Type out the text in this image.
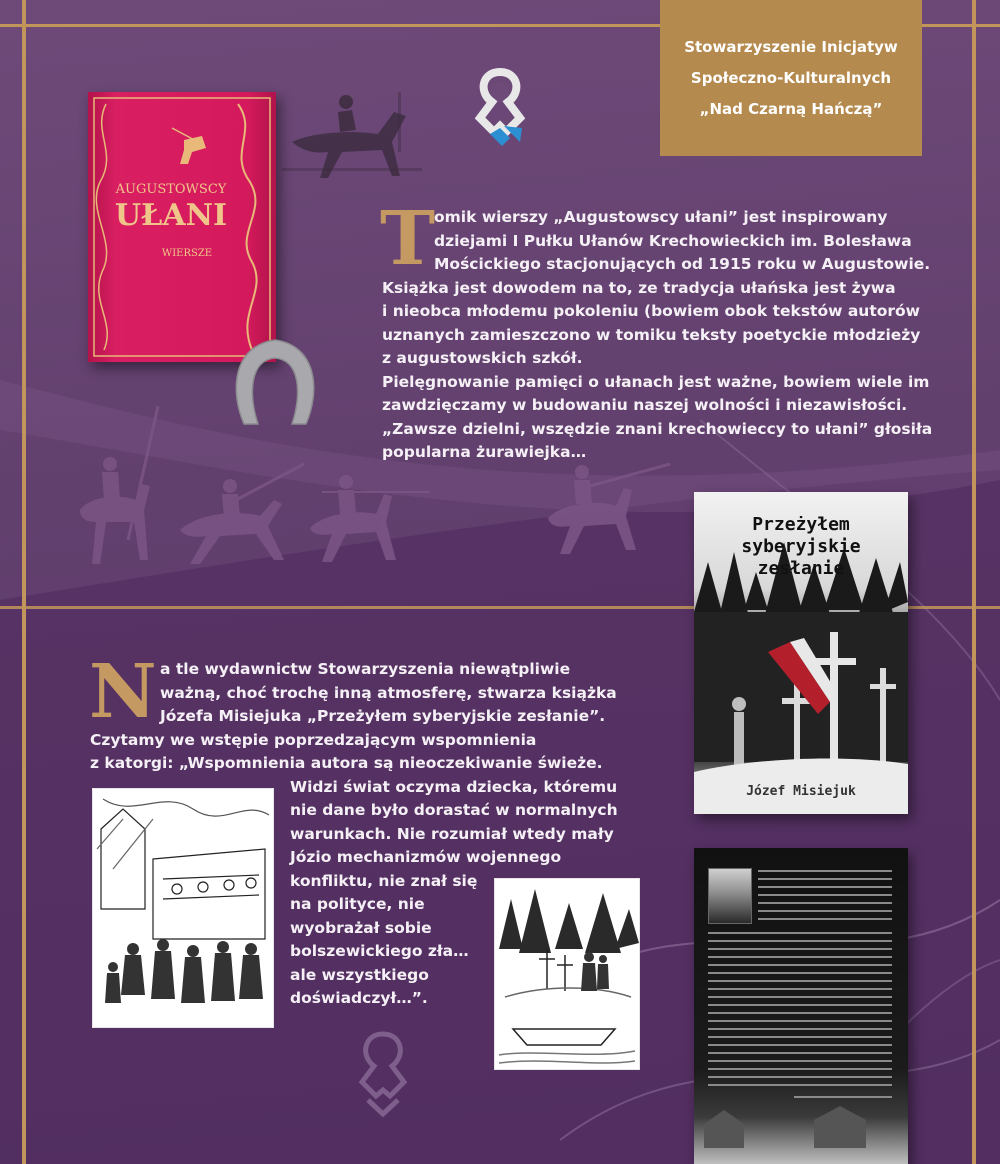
Stowarzyszenie Inicjatyw
Społeczno-Kulturalnych
„Nad Czarną Hańczą”
AUGUSTOWSCY
UŁANI
WIERSZE	T
omik wierszy „Augustowscy ułani” jest inspirowany
dziejami I Pułku Ułanów Krechowieckich im. Bolesława
Mościckiego stacjonujących od 1915 roku w Augustowie.
Książka jest dowodem na to, ze tradycja ułańska jest żywa
i nieobca młodemu pokoleniu (bowiem obok tekstów autorów
uznanych zamieszczono w tomiku teksty poetyckie młodzieży
z augustowskich szkół.
Pielęgnowanie pamięci o ułanach jest ważne, bowiem wiele im
zawdzięczamy w budowaniu naszej wolności i niezawisłości.
„Zawsze dzielni, wszędzie znani krechowieccy to ułani” głosiła
popularna żurawiejka…
Przeżyłem
syberyjskie
zesłanie
Józef Misiejuk
N a tle wydawnictw Stowarzyszenia niewątpliwie
ważną, choć trochę inną atmosferę, stwarza książka
Józefa Misiejuka „Przeżyłem syberyjskie zesłanie”.
Czytamy we wstępie poprzedzającym wspomnienia
z katorgi: „Wspomnienia autora są nieoczekiwanie świeże.
Widzi świat oczyma dziecka, któremu
nie dane było dorastać w normalnych
warunkach. Nie rozumiał wtedy mały
Józio mechanizmów wojennego
konfliktu, nie znał się
na polityce, nie
wyobrażał sobie
bolszewickiego zła…
ale wszystkiego
doświadczył…”.
